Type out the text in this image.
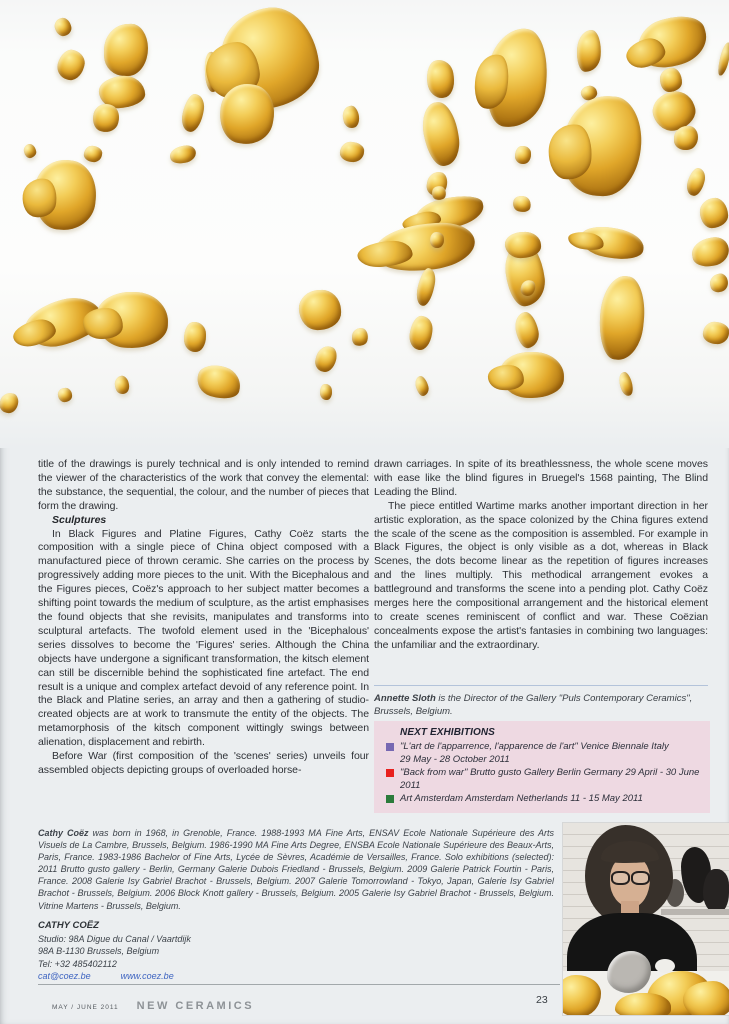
title of the drawings is purely technical and is only intended to remind the viewer of the characteristics of the work that convey the elemental: the substance, the sequential, the colour, and the number of pieces that form the drawing.

Sculptures

In Black Figures and Platine Figures, Cathy Coëz starts the composition with a single piece of China object composed with a manufactured piece of thrown ceramic. She carries on the process by progressively adding more pieces to the unit. With the Bicephalous and the Figures pieces, Coëz's approach to her subject matter becomes a shifting point towards the medium of sculpture, as the artist emphasises the found objects that she revisits, manipulates and transforms into sculptural artefacts. The twofold element used in the 'Bicephalous' series dissolves to become the 'Figures' series. Although the China objects have undergone a significant transformation, the kitsch element can still be discernible behind the sophisticated fine artefact. The end result is a unique and complex artefact devoid of any reference point. In the Black and Platine series, an array and then a gathering of studio-created objects are at work to transmute the entity of the objects. The metamorphosis of the kitsch component wittingly swings between alienation, displacement and rebirth.

Before War (first composition of the 'scenes' series) unveils four assembled objects depicting groups of overloaded horse-

drawn carriages. In spite of its breathlessness, the whole scene moves with ease like the blind figures in Bruegel's 1568 painting, The Blind Leading the Blind.

The piece entitled Wartime marks another important direction in her artistic exploration, as the space colonized by the China figures extend the scale of the scene as the composition is assembled. For example in Black Figures, the object is only visible as a dot, whereas in Black Scenes, the dots become linear as the repetition of figures increases and the lines multiply. This methodical arrangement evokes a battleground and transforms the scene into a pending plot. Cathy Coëz merges here the compositional arrangement and the historical element to create scenes reminiscent of conflict and war. These Coëzian concealments expose the artist's fantasies in combining two languages: the unfamiliar and the extraordinary.

Annette Sloth is the Director of the Gallery "Puls Contemporary Ceramics", Brussels, Belgium.

NEXT EXHIBITIONS
"L'art de l'apparrence, l'apparence de l'art" Venice Biennale Italy
29 May - 28 October 2011
"Back from war" Brutto gusto Gallery Berlin Germany 29 April - 30 June 2011
Art Amsterdam Amsterdam Netherlands 11 - 15 May 2011

Cathy Coëz was born in 1968, in Grenoble, France. 1988-1993 MA Fine Arts, ENSAV Ecole Nationale Supérieure des Arts Visuels de La Cambre, Brussels, Belgium. 1986-1990 MA Fine Arts Degree, ENSBA Ecole Nationale Supérieure des Beaux-Arts, Paris, France. 1983-1986 Bachelor of Fine Arts, Lycée de Sèvres, Académie de Versailles, France. Solo exhibitions (selected): 2011 Brutto gusto gallery - Berlin, Germany Galerie Dubois Friedland - Brussels, Belgium. 2009 Galerie Patrick Fourtin - Paris, France. 2008 Galerie Isy Gabriel Brachot - Brussels, Belgium. 2007 Galerie Tomorrowland - Tokyo, Japan, Galerie Isy Gabriel Brachot - Brussels, Belgium. 2006 Block Knott gallery - Brussels, Belgium. 2005 Galerie Isy Gabriel Brachot - Brussels, Belgium. Vitrine Martens - Brussels, Belgium.

CATHY COËZ
Studio: 98A Digue du Canal / Vaartdijk
98A B-1130 Brussels, Belgium
Tel: +32 485402112
cat@coez.be	www.coez.be
MAY / JUNE 2011 NEW CERAMICS	23
